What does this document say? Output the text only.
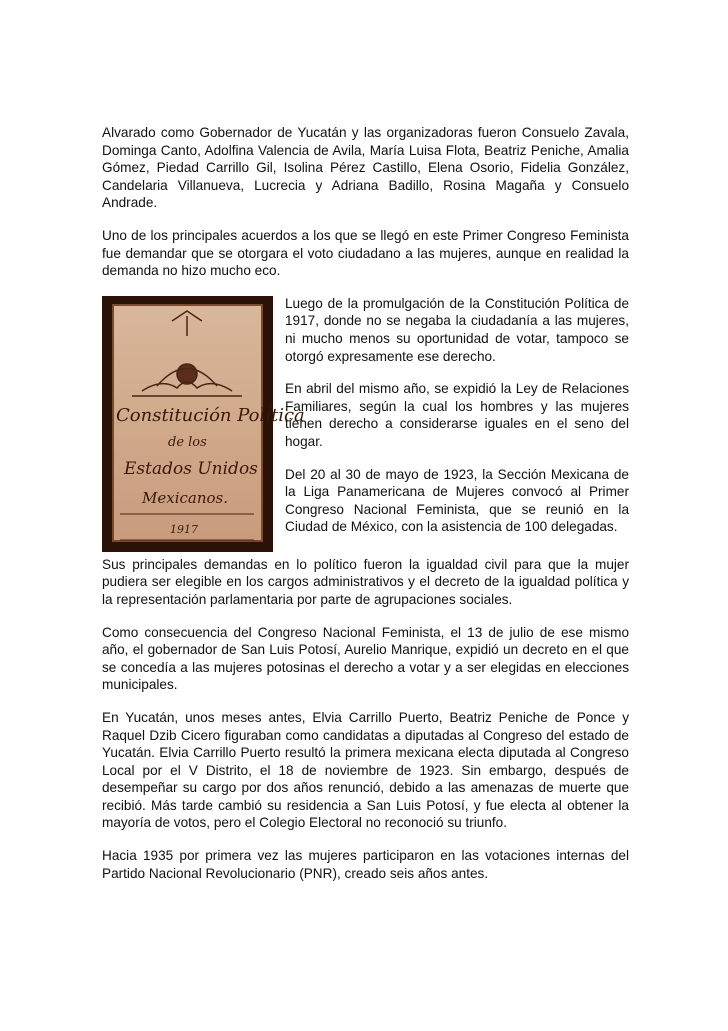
Alvarado como Gobernador de Yucatán y las organizadoras fueron Consuelo Zavala, Dominga Canto, Adolfina Valencia de Avila, María Luisa Flota, Beatriz Peniche, Amalia Gómez, Piedad Carrillo Gil, Isolina Pérez Castillo, Elena Osorio, Fidelia González, Candelaria Villanueva, Lucrecia y Adriana Badillo, Rosina Magaña y Consuelo Andrade.

Uno de los principales acuerdos a los que se llegó en este Primer Congreso Feminista fue demandar que se otorgara el voto ciudadano a las mujeres, aunque en realidad la demanda no hizo mucho eco.

Constitución Política
de los
Estados Unidos
Mexicanos.
1917

Luego de la promulgación de la Constitución Política de 1917, donde no se negaba la ciudadanía a las mujeres, ni mucho menos su oportunidad de votar, tampoco se otorgó expresamente ese derecho.

En abril del mismo año, se expidió la Ley de Relaciones Familiares, según la cual los hombres y las mujeres tienen derecho a considerarse iguales en el seno del hogar.

Del 20 al 30 de mayo de 1923, la Sección Mexicana de la Liga Panamericana de Mujeres convocó al Primer Congreso Nacional Feminista, que se reunió en la Ciudad de México, con la asistencia de 100 delegadas.

Sus principales demandas en lo político fueron la igualdad civil para que la mujer pudiera ser elegible en los cargos administrativos y el decreto de la igualdad política y la representación parlamentaria por parte de agrupaciones sociales.

Como consecuencia del Congreso Nacional Feminista, el 13 de julio de ese mismo año, el gobernador de San Luis Potosí, Aurelio Manrique, expidió un decreto en el que se concedía a las mujeres potosinas el derecho a votar y a ser elegidas en elecciones municipales.

En Yucatán, unos meses antes, Elvia Carrillo Puerto, Beatriz Peniche de Ponce y Raquel Dzib Cicero figuraban como candidatas a diputadas al Congreso del estado de Yucatán. Elvia Carrillo Puerto resultó la primera mexicana electa diputada al Congreso Local por el V Distrito, el 18 de noviembre de 1923. Sin embargo, después de desempeñar su cargo por dos años renunció, debido a las amenazas de muerte que recibió. Más tarde cambió su residencia a San Luis Potosí, y fue electa al obtener la mayoría de votos, pero el Colegio Electoral no reconoció su triunfo.

Hacia 1935 por primera vez las mujeres participaron en las votaciones internas del Partido Nacional Revolucionario (PNR), creado seis años antes.
